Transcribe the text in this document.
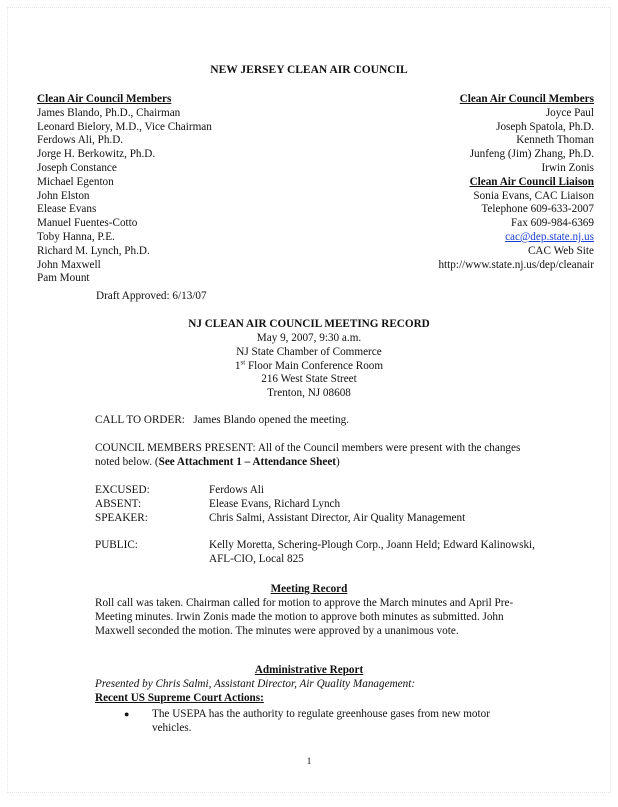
NEW JERSEY CLEAN AIR COUNCIL
Clean Air Council Members
James Blando, Ph.D., Chairman
Leonard Bielory, M.D., Vice Chairman
Ferdows Ali, Ph.D.
Jorge H. Berkowitz, Ph.D.
Joseph Constance
Michael Egenton
John Elston
Elease Evans
Manuel Fuentes-Cotto
Toby Hanna, P.E.
Richard M. Lynch, Ph.D.
John Maxwell
Pam Mount
Clean Air Council Members
Joyce Paul
Joseph Spatola, Ph.D.
Kenneth Thoman
Junfeng (Jim) Zhang, Ph.D.
Irwin Zonis
Clean Air Council Liaison
Sonia Evans, CAC Liaison
Telephone 609-633-2007
Fax 609-984-6369
cac@dep.state.nj.us
CAC Web Site
http://www.state.nj.us/dep/cleanair
Draft Approved: 6/13/07
NJ CLEAN AIR COUNCIL MEETING RECORD
May 9, 2007, 9:30 a.m.
NJ State Chamber of Commerce
1st Floor Main Conference Room
216 West State Street
Trenton, NJ 08608
CALL TO ORDER: James Blando opened the meeting.
COUNCIL MEMBERS PRESENT: All of the Council members were present with the changes noted below. (See Attachment 1 – Attendance Sheet)
EXCUSED:	Ferdows Ali
ABSENT:	Elease Evans, Richard Lynch
SPEAKER:	Chris Salmi, Assistant Director, Air Quality Management
PUBLIC:	Kelly Moretta, Schering-Plough Corp., Joann Held; Edward Kalinowski, AFL-CIO, Local 825
Meeting Record
Roll call was taken. Chairman called for motion to approve the March minutes and April Pre-Meeting minutes. Irwin Zonis made the motion to approve both minutes as submitted. John Maxwell seconded the motion. The minutes were approved by a unanimous vote.
Administrative Report
Presented by Chris Salmi, Assistant Director, Air Quality Management:
Recent US Supreme Court Actions:
●	The USEPA has the authority to regulate greenhouse gases from new motor vehicles.
1
